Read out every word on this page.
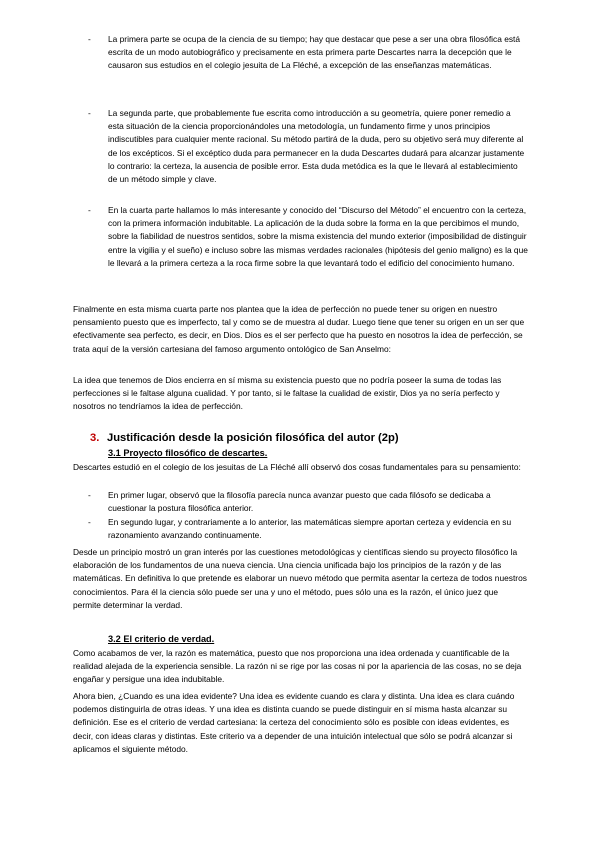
- La primera parte se ocupa de la ciencia de su tiempo; hay que destacar que pese a ser una obra filosófica está escrita de un modo autobiográfico y precisamente en esta primera parte Descartes narra la decepción que le causaron sus estudios en el colegio jesuita de La Fléché, a excepción de las enseñanzas matemáticas.
- La segunda parte, que probablemente fue escrita como introducción a su geometría, quiere poner remedio a esta situación de la ciencia proporcionándoles una metodología, un fundamento firme y unos principios indiscutibles para cualquier mente racional. Su método partirá de la duda, pero su objetivo será muy diferente al de los excépticos. Si el excéptico duda para permanecer en la duda Descartes dudará para alcanzar justamente lo contrario: la certeza, la ausencia de posible error. Esta duda metódica es la que le llevará al establecimiento de un método simple y clave.
- En la cuarta parte hallamos lo más interesante y conocido del “Discurso del Método” el encuentro con la certeza, con la primera información indubitable. La aplicación de la duda sobre la forma en la que percibimos el mundo, sobre la fiabilidad de nuestros sentidos, sobre la misma existencia del mundo exterior (imposibilidad de distinguir entre la vigilia y el sueño) e incluso sobre las mismas verdades racionales (hipótesis del genio maligno) es la que le llevará a la primera certeza a la roca firme sobre la que levantará todo el edificio del conocimiento humano.
Finalmente en esta misma cuarta parte nos plantea que la idea de perfección no puede tener su origen en nuestro pensamiento puesto que es imperfecto, tal y como se de muestra al dudar. Luego tiene que tener su origen en un ser que efectivamente sea perfecto, es decir, en Dios. Dios es el ser perfecto que ha puesto en nosotros la idea de perfección, se trata aquí de la versión cartesiana del famoso argumento ontológico de San Anselmo:
La idea que tenemos de Dios encierra en sí misma su existencia puesto que no podría poseer la suma de todas las perfecciones si le faltase alguna cualidad. Y por tanto, si le faltase la cualidad de existir, Dios ya no sería perfecto y nosotros no tendríamos la idea de perfección.
3. Justificación desde la posición filosófica del autor (2p)
3.1 Proyecto filosófico de descartes.
Descartes estudió en el colegio de los jesuitas de La Fléché allí observó dos cosas fundamentales para su pensamiento:
- En primer lugar, observó que la filosofía parecía nunca avanzar puesto que cada filósofo se dedicaba a cuestionar la postura filosófica anterior.
- En segundo lugar, y contrariamente a lo anterior, las matemáticas siempre aportan certeza y evidencia en su razonamiento avanzando continuamente.
Desde un principio mostró un gran interés por las cuestiones metodológicas y científicas siendo su proyecto filosófico la elaboración de los fundamentos de una nueva ciencia. Una ciencia unificada bajo los principios de la razón y de las matemáticas. En definitiva lo que pretende es elaborar un nuevo método que permita asentar la certeza de todos nuestros conocimientos. Para él la ciencia sólo puede ser una y uno el método, pues sólo una es la razón, el único juez que permite determinar la verdad.
3.2 El criterio de verdad.
Como acabamos de ver, la razón es matemática, puesto que nos proporciona una idea ordenada y cuantificable de la realidad alejada de la experiencia sensible. La razón ni se rige por las cosas ni por la apariencia de las cosas, no se deja engañar y persigue una idea indubitable.
Ahora bien, ¿Cuando es una idea evidente? Una idea es evidente cuando es clara y distinta. Una idea es clara cuándo podemos distinguirla de otras ideas. Y una idea es distinta cuando se puede distinguir en sí misma hasta alcanzar su definición. Ese es el criterio de verdad cartesiana: la certeza del conocimiento sólo es posible con ideas evidentes, es decir, con ideas claras y distintas. Este criterio va a depender de una intuición intelectual que sólo se podrá alcanzar si aplicamos el siguiente método.
